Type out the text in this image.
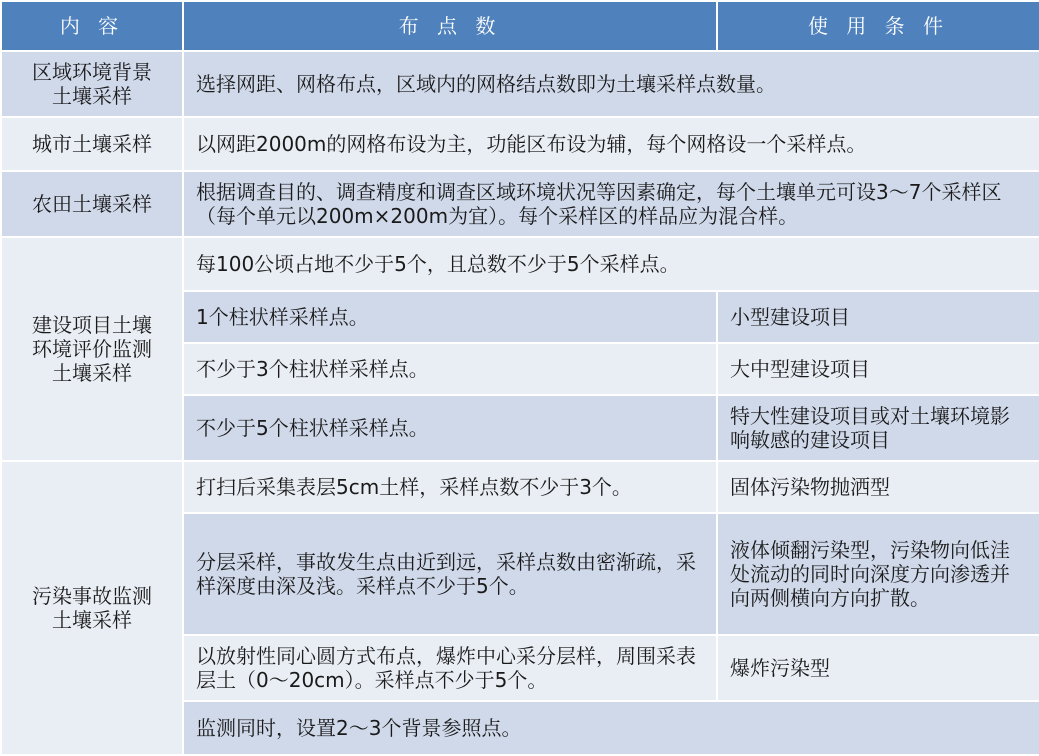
内 容	布 点 数	使 用 条 件
区域环境背景
土壤采样	选择网距、网格布点，区域内的网格结点数即为土壤采样点数量。	
城市土壤采样	以网距2000m的网格布设为主，功能区布设为辅，每个网格设一个采样点。	
农田土壤采样	根据调查目的、调查精度和调查区域环境状况等因素确定，每个土壤单元可设3～7个采样区（每个单元以200m×200m为宜）。每个采样区的样品应为混合样。	
建设项目土壤
环境评价监测
土壤采样	每100公顷占地不少于5个，且总数不少于5个采样点。	
	1个柱状样采样点。	小型建设项目
	不少于3个柱状样采样点。	大中型建设项目
	不少于5个柱状样采样点。	特大性建设项目或对土壤环境影响敏感的建设项目
污染事故监测
土壤采样	打扫后采集表层5cm土样，采样点数不少于3个。	固体污染物抛洒型
	分层采样，事故发生点由近到远，采样点数由密渐疏，采样深度由深及浅。采样点不少于5个。	液体倾翻污染型，污染物向低洼处流动的同时向深度方向渗透并向两侧横向方向扩散。
	以放射性同心圆方式布点，爆炸中心采分层样，周围采表层土（0～20cm）。采样点不少于5个。	爆炸污染型
	监测同时，设置2～3个背景参照点。	
